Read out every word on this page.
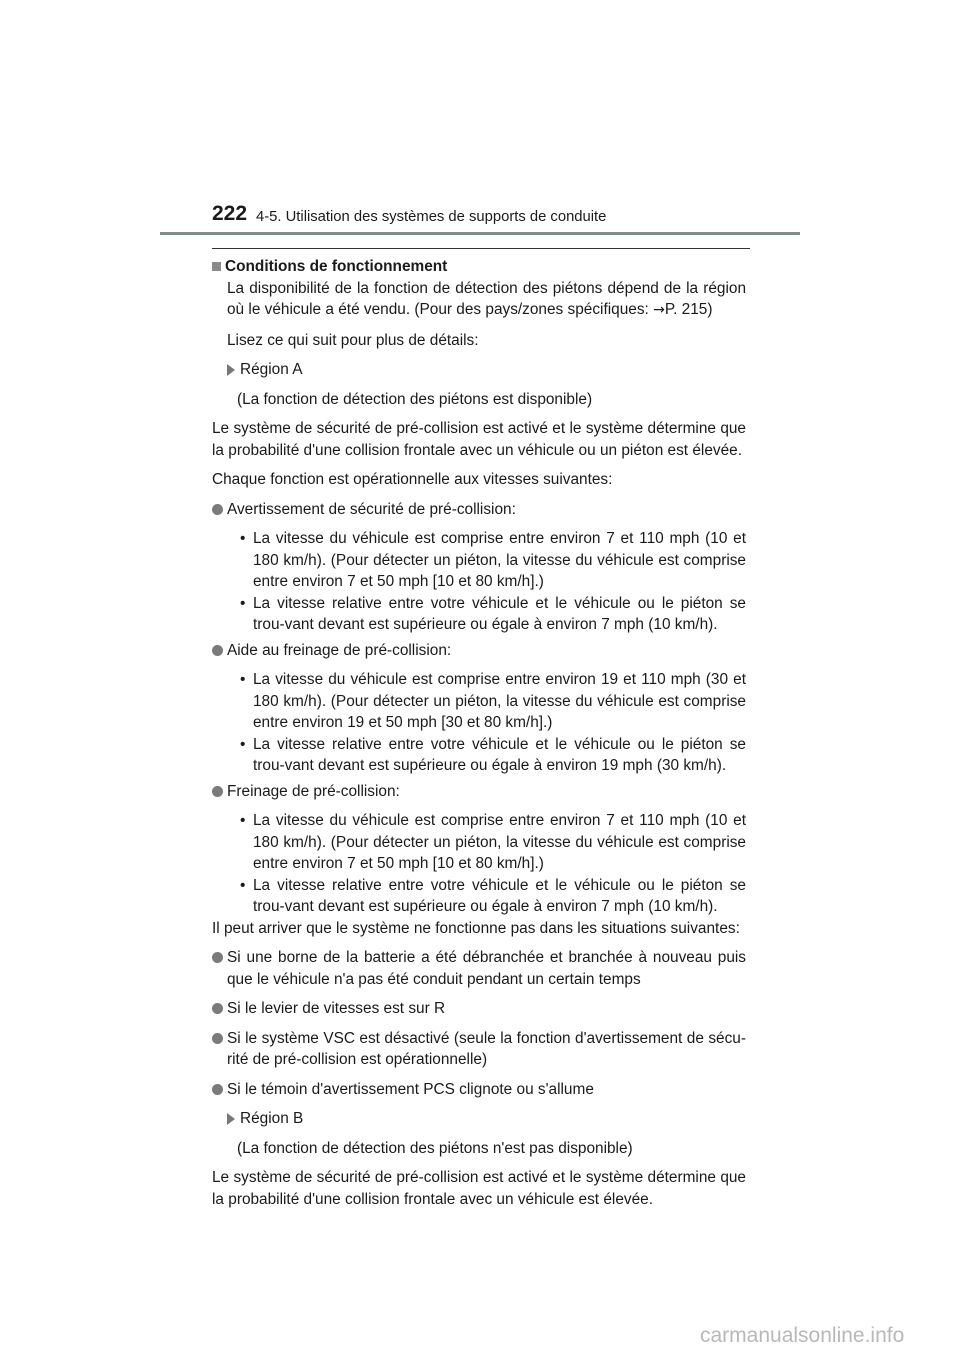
222 4-5. Utilisation des systèmes de supports de conduite

Conditions de fonctionnement

La disponibilité de la fonction de détection des piétons dépend de la région où le véhicule a été vendu. (Pour des pays/zones spécifiques: →P. 215)

Lisez ce qui suit pour plus de détails:

Région A

(La fonction de détection des piétons est disponible)

Le système de sécurité de pré-collision est activé et le système détermine que la probabilité d'une collision frontale avec un véhicule ou un piéton est élevée.

Chaque fonction est opérationnelle aux vitesses suivantes:

Avertissement de sécurité de pré-collision:

• La vitesse du véhicule est comprise entre environ 7 et 110 mph (10 et 180 km/h). (Pour détecter un piéton, la vitesse du véhicule est comprise entre environ 7 et 50 mph [10 et 80 km/h].)

• La vitesse relative entre votre véhicule et le véhicule ou le piéton se trou-vant devant est supérieure ou égale à environ 7 mph (10 km/h).

Aide au freinage de pré-collision:

• La vitesse du véhicule est comprise entre environ 19 et 110 mph (30 et 180 km/h). (Pour détecter un piéton, la vitesse du véhicule est comprise entre environ 19 et 50 mph [30 et 80 km/h].)

• La vitesse relative entre votre véhicule et le véhicule ou le piéton se trou-vant devant est supérieure ou égale à environ 19 mph (30 km/h).

Freinage de pré-collision:

• La vitesse du véhicule est comprise entre environ 7 et 110 mph (10 et 180 km/h). (Pour détecter un piéton, la vitesse du véhicule est comprise entre environ 7 et 50 mph [10 et 80 km/h].)

• La vitesse relative entre votre véhicule et le véhicule ou le piéton se trou-vant devant est supérieure ou égale à environ 7 mph (10 km/h).

Il peut arriver que le système ne fonctionne pas dans les situations suivantes:

Si une borne de la batterie a été débranchée et branchée à nouveau puis que le véhicule n'a pas été conduit pendant un certain temps

Si le levier de vitesses est sur R

Si le système VSC est désactivé (seule la fonction d'avertissement de sécu-rité de pré-collision est opérationnelle)

Si le témoin d'avertissement PCS clignote ou s'allume

Région B

(La fonction de détection des piétons n'est pas disponible)

Le système de sécurité de pré-collision est activé et le système détermine que la probabilité d'une collision frontale avec un véhicule est élevée.

carmanualsonline.info
